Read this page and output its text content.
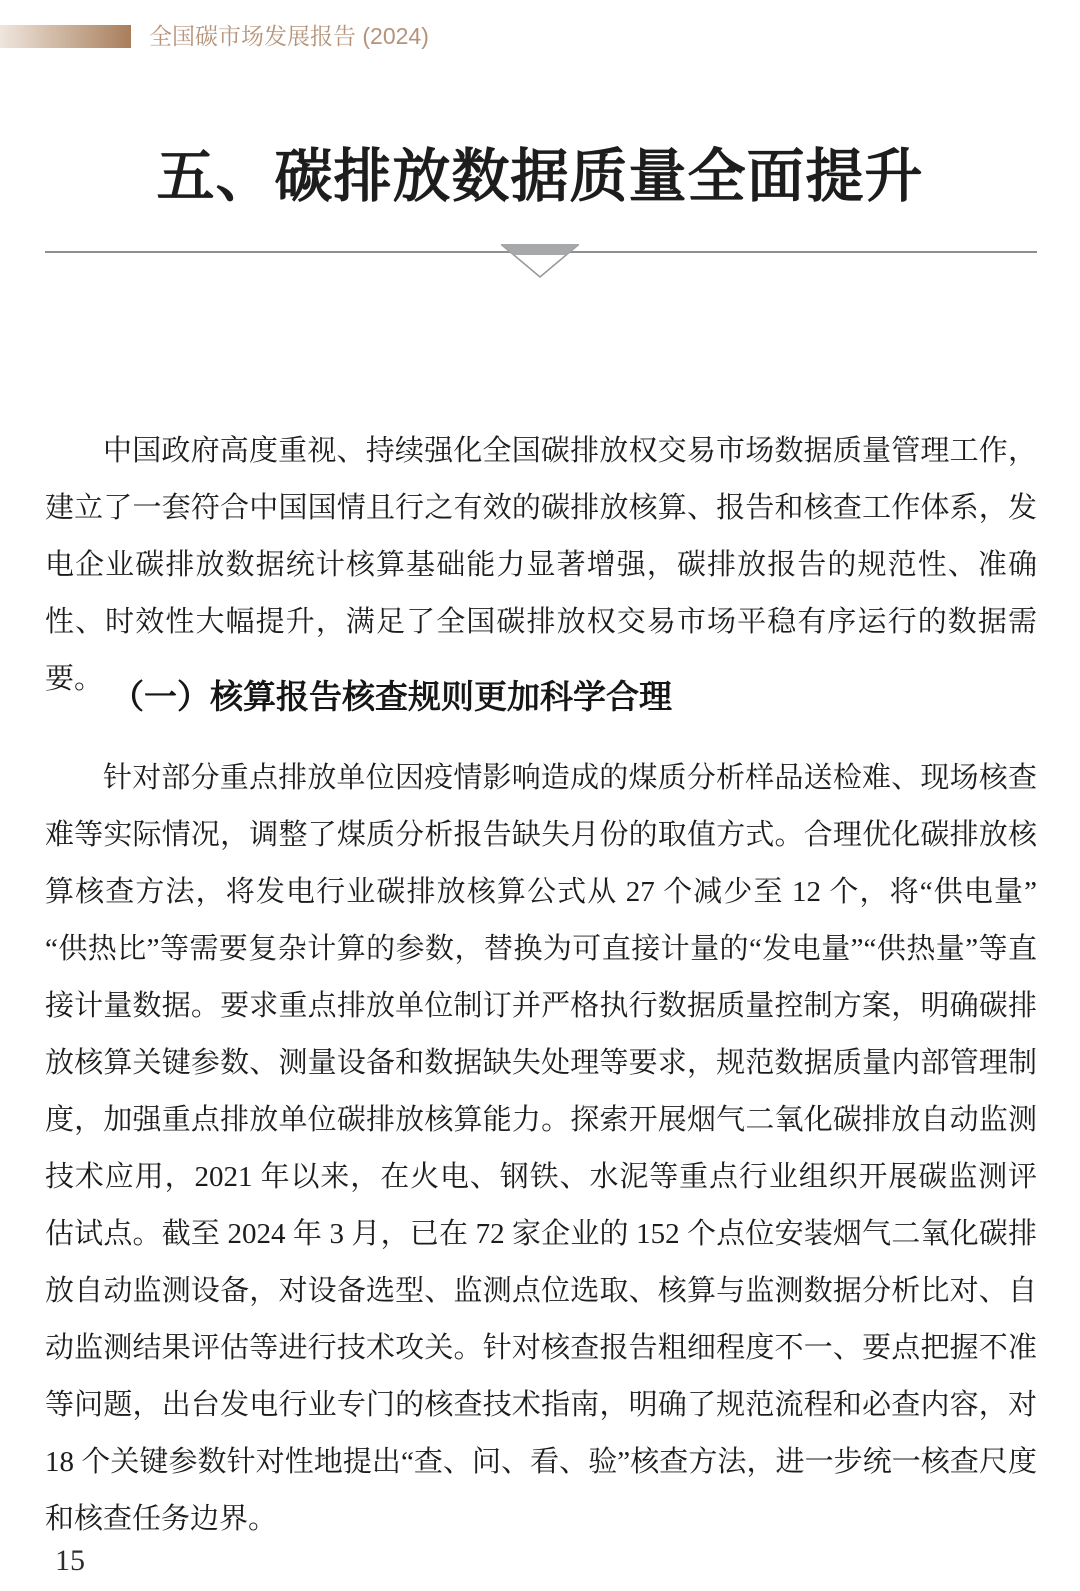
全国碳市场发展报告 (2024)
五、碳排放数据质量全面提升

中国政府高度重视、持续强化全国碳排放权交易市场数据质量管理工作，建立了一套符合中国国情且行之有效的碳排放核算、报告和核查工作体系，发电企业碳排放数据统计核算基础能力显著增强，碳排放报告的规范性、准确性、时效性大幅提升，满足了全国碳排放权交易市场平稳有序运行的数据需要。

（一）核算报告核查规则更加科学合理

针对部分重点排放单位因疫情影响造成的煤质分析样品送检难、现场核查难等实际情况，调整了煤质分析报告缺失月份的取值方式。合理优化碳排放核算核查方法，将发电行业碳排放核算公式从 27 个减少至 12 个，将“供电量”“供热比”等需要复杂计算的参数，替换为可直接计量的“发电量”“供热量”等直接计量数据。要求重点排放单位制订并严格执行数据质量控制方案，明确碳排放核算关键参数、测量设备和数据缺失处理等要求，规范数据质量内部管理制度，加强重点排放单位碳排放核算能力。探索开展烟气二氧化碳排放自动监测技术应用，2021 年以来，在火电、钢铁、水泥等重点行业组织开展碳监测评估试点。截至 2024 年 3 月，已在 72 家企业的 152 个点位安装烟气二氧化碳排放自动监测设备，对设备选型、监测点位选取、核算与监测数据分析比对、自动监测结果评估等进行技术攻关。针对核查报告粗细程度不一、要点把握不准等问题，出台发电行业专门的核查技术指南，明确了规范流程和必查内容，对 18 个关键参数针对性地提出“查、问、看、验”核查方法，进一步统一核查尺度和核查任务边界。

15
